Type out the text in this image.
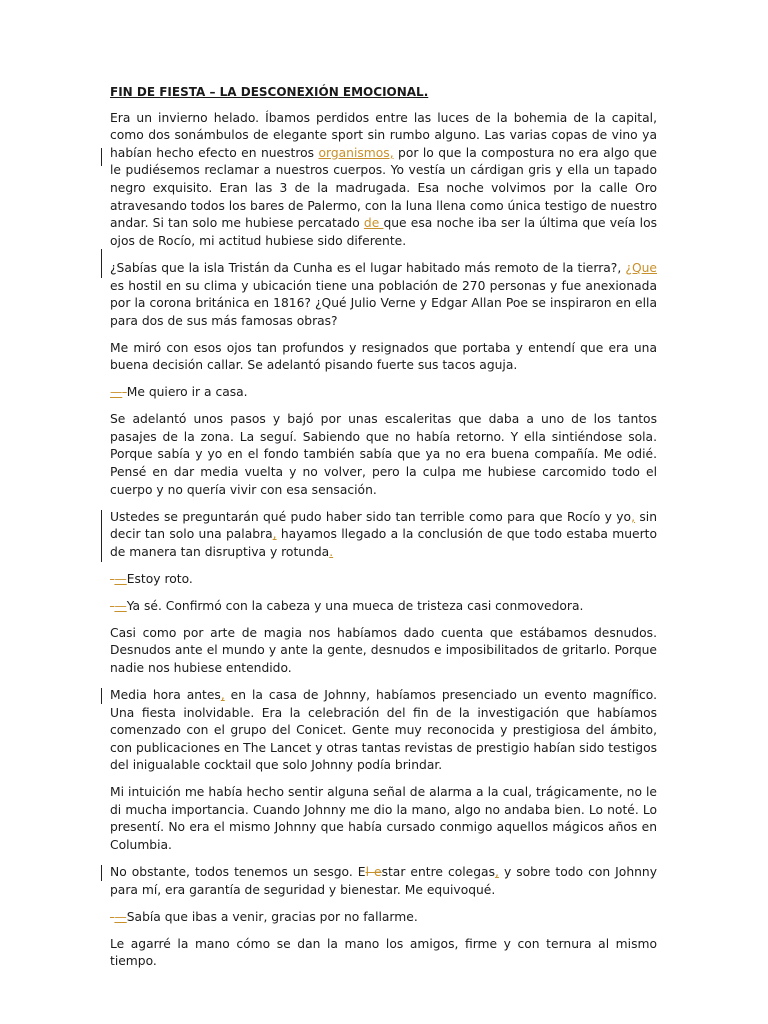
FIN DE FIESTA – LA DESCONEXIÓN EMOCIONAL.

Era un invierno helado. Íbamos perdidos entre las luces de la bohemia de la capital, como dos sonámbulos de elegante sport sin rumbo alguno. Las varias copas de vino ya habían hecho efecto en nuestros organismos, por lo que la compostura no era algo que le pudiésemos reclamar a nuestros cuerpos. Yo vestía un cárdigan gris y ella un tapado negro exquisito. Eran las 3 de la madrugada. Esa noche volvimos por la calle Oro atravesando todos los bares de Palermo, con la luna llena como única testigo de nuestro andar. Si tan solo me hubiese percatado de que esa noche iba ser la última que veía los ojos de Rocío, mi actitud hubiese sido diferente.

¿Sabías que la isla Tristán da Cunha es el lugar habitado más remoto de la tierra?, ¿Que es hostil en su clima y ubicación tiene una población de 270 personas y fue anexionada por la corona británica en 1816? ¿Qué Julio Verne y Edgar Allan Poe se inspiraron en ella para dos de sus más famosas obras?

Me miró con esos ojos tan profundos y resignados que portaba y entendí que era una buena decisión callar. Se adelantó pisando fuerte sus tacos aguja.

—-Me quiero ir a casa.

Se adelantó unos pasos y bajó por unas escaleritas que daba a uno de los tantos pasajes de la zona. La seguí. Sabiendo que no había retorno. Y ella sintiéndose sola. Porque sabía y yo en el fondo también sabía que ya no era buena compañía. Me odié. Pensé en dar media vuelta y no volver, pero la culpa me hubiese carcomido todo el cuerpo y no quería vivir con esa sensación.

Ustedes se preguntarán qué pudo haber sido tan terrible como para que Rocío y yo, sin decir tan solo una palabra, hayamos llegado a la conclusión de que todo estaba muerto de manera tan disruptiva y rotunda.

-—Estoy roto.

-—Ya sé. Confirmó con la cabeza y una mueca de tristeza casi conmovedora.

Casi como por arte de magia nos habíamos dado cuenta que estábamos desnudos. Desnudos ante el mundo y ante la gente, desnudos e imposibilitados de gritarlo. Porque nadie nos hubiese entendido.

Media hora antes, en la casa de Johnny, habíamos presenciado un evento magnífico. Una fiesta inolvidable. Era la celebración del fin de la investigación que habíamos comenzado con el grupo del Conicet. Gente muy reconocida y prestigiosa del ámbito, con publicaciones en The Lancet y otras tantas revistas de prestigio habían sido testigos del inigualable cocktail que solo Johnny podía brindar.

Mi intuición me había hecho sentir alguna señal de alarma a la cual, trágicamente, no le di mucha importancia. Cuando Johnny me dio la mano, algo no andaba bien. Lo noté. Lo presentí. No era el mismo Johnny que había cursado conmigo aquellos mágicos años en Columbia.

No obstante, todos tenemos un sesgo. El estar entre colegas, y sobre todo con Johnny para mí, era garantía de seguridad y bienestar. Me equivoqué.

-—Sabía que ibas a venir, gracias por no fallarme.

Le agarré la mano cómo se dan la mano los amigos, firme y con ternura al mismo tiempo.
